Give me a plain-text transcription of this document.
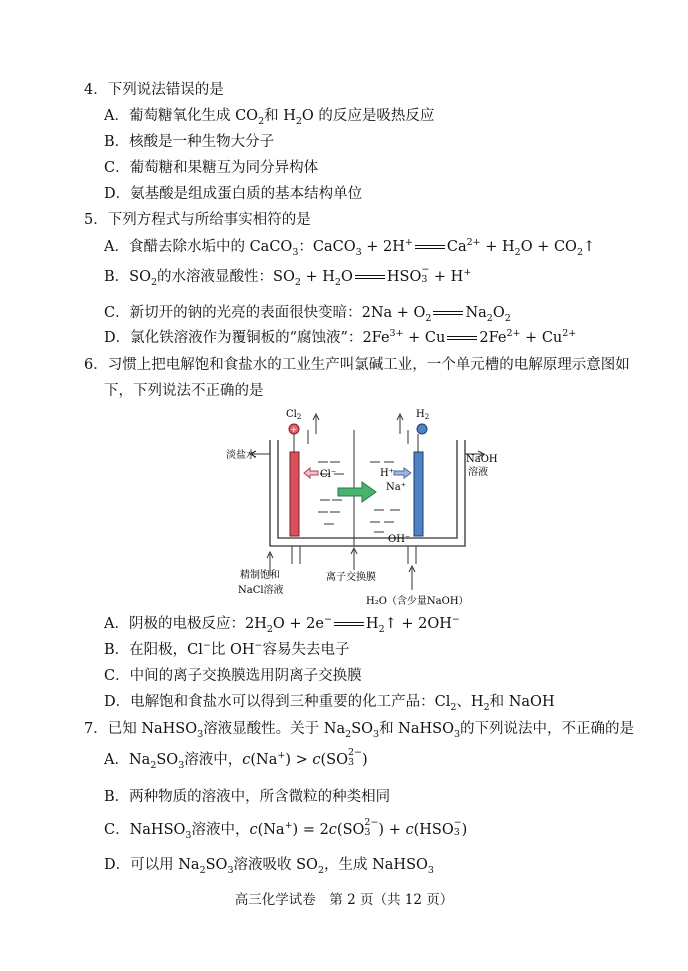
4．下列说法错误的是
A．葡萄糖氧化生成 $CO_2$和 $H_2O$ 的反应是吸热反应
B．核酸是一种生物大分子
C．葡萄糖和果糖互为同分异构体
D．氨基酸是组成蛋白质的基本结构单位
5．下列方程式与所给事实相符的是
A．食醋去除水垢中的 CaCO$_3$：CaCO$_3$ + 2H+ $Ca^{2+} + H_2O$ + $CO_2↑$
B．$SO_2$的水溶液显酸性：$SO_2 + H_2O$ HSO −
3 + H+
C．新切开的钠的光亮的表面很快变暗：$2Na + O_2$ $Na_2O_2$
D．氯化铁溶液作为覆铜板的“腐蚀液”：$2Fe^{3+} + Cu$ $2Fe^{2+} + Cu^{2+}$
6．习惯上把电解饱和食盐水的工业生产叫氯碱工业，一个单元槽的电解原理示意图如
下，下列说法不正确的是
+
$Cl_2$	$H_2$
淡盐水	NaOH
溶液
Cl⁻	H⁺
Na⁺
OH⁻
精制饱和
NaCl溶液
离子交换膜
H₂O（含少量NaOH）
A．阴极的电极反应：$2H_2O + 2e^-$ $H_2↑ + 2OH^-$
B．在阳极，Cl−比 OH−容易失去电子
C．中间的离子交换膜选用阴离子交换膜
D．电解饱和食盐水可以得到三种重要的化工产品：$Cl_2$、$H_2$和 NaOH
7．已知 NaHSO$_3$溶液显酸性。关于 $Na_2SO_3$和 NaHSO$_3$的下列说法中，不正确的是
A．$Na_2SO_3$溶液中，c(Na+) > c(SO 2−
3 )
B．两种物质的溶液中，所含微粒的种类相同
C．NaHSO$_3$溶液中，c(Na+) = 2c(SO 2−
3 ) + c(HSO −
3 )
D．可以用 $Na_2SO_3$溶液吸收 $SO_2$，生成 NaHSO$_3$
高三化学试卷　第 2 页（共 12 页）
